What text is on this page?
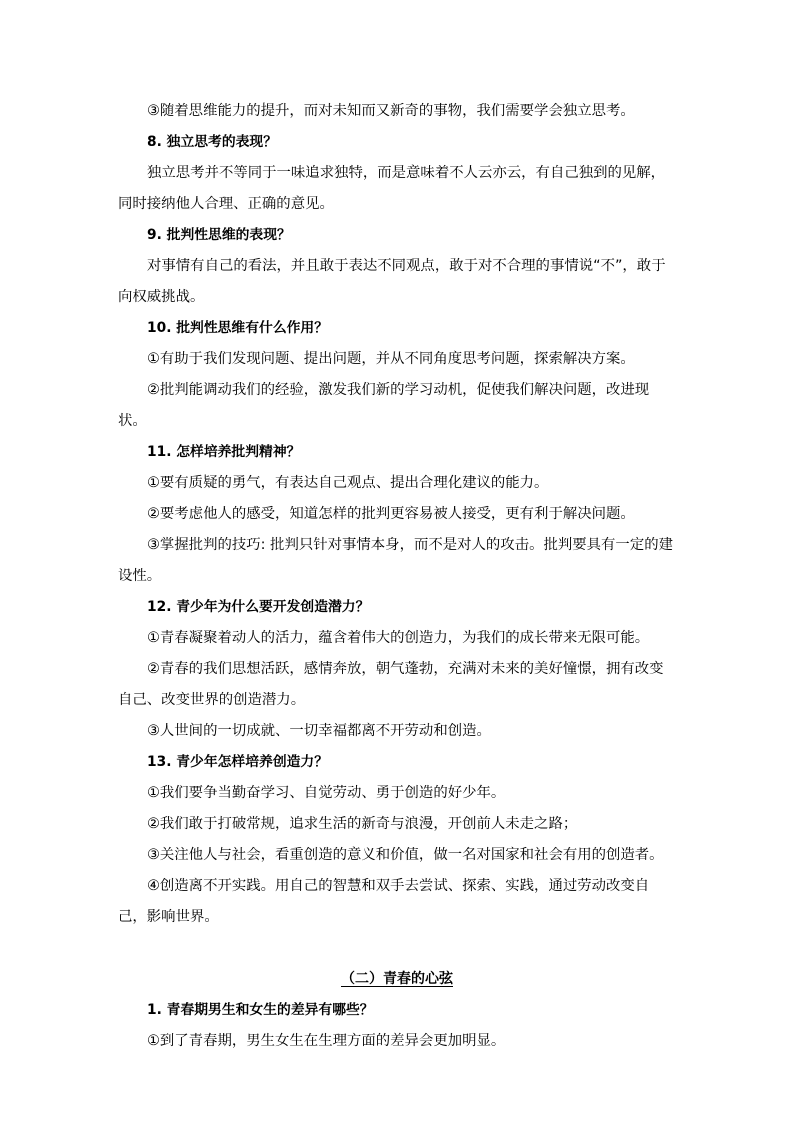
③随着思维能力的提升，而对未知而又新奇的事物，我们需要学会独立思考。

8. 独立思考的表现？

独立思考并不等同于一味追求独特，而是意味着不人云亦云，有自己独到的见解，同时接纳他人合理、正确的意见。

9. 批判性思维的表现？

对事情有自己的看法，并且敢于表达不同观点，敢于对不合理的事情说“不”，敢于向权威挑战。

10. 批判性思维有什么作用？

①有助于我们发现问题、提出问题，并从不同角度思考问题，探索解决方案。

②批判能调动我们的经验，激发我们新的学习动机，促使我们解决问题，改进现状。

11. 怎样培养批判精神？

①要有质疑的勇气，有表达自己观点、提出合理化建议的能力。

②要考虑他人的感受，知道怎样的批判更容易被人接受，更有利于解决问题。

③掌握批判的技巧: 批判只针对事情本身，而不是对人的攻击。批判要具有一定的建设性。

12. 青少年为什么要开发创造潜力？

①青春凝聚着动人的活力，蕴含着伟大的创造力，为我们的成长带来无限可能。

②青春的我们思想活跃，感情奔放，朝气蓬勃，充满对未来的美好憧憬，拥有改变自己、改变世界的创造潜力。

③人世间的一切成就、一切幸福都离不开劳动和创造。

13. 青少年怎样培养创造力？

①我们要争当勤奋学习、自觉劳动、勇于创造的好少年。

②我们敢于打破常规，追求生活的新奇与浪漫，开创前人未走之路；

③关注他人与社会，看重创造的意义和价值，做一名对国家和社会有用的创造者。

④创造离不开实践。用自己的智慧和双手去尝试、探索、实践，通过劳动改变自己，影响世界。

（二）青春的心弦

1. 青春期男生和女生的差异有哪些？

①到了青春期，男生女生在生理方面的差异会更加明显。
